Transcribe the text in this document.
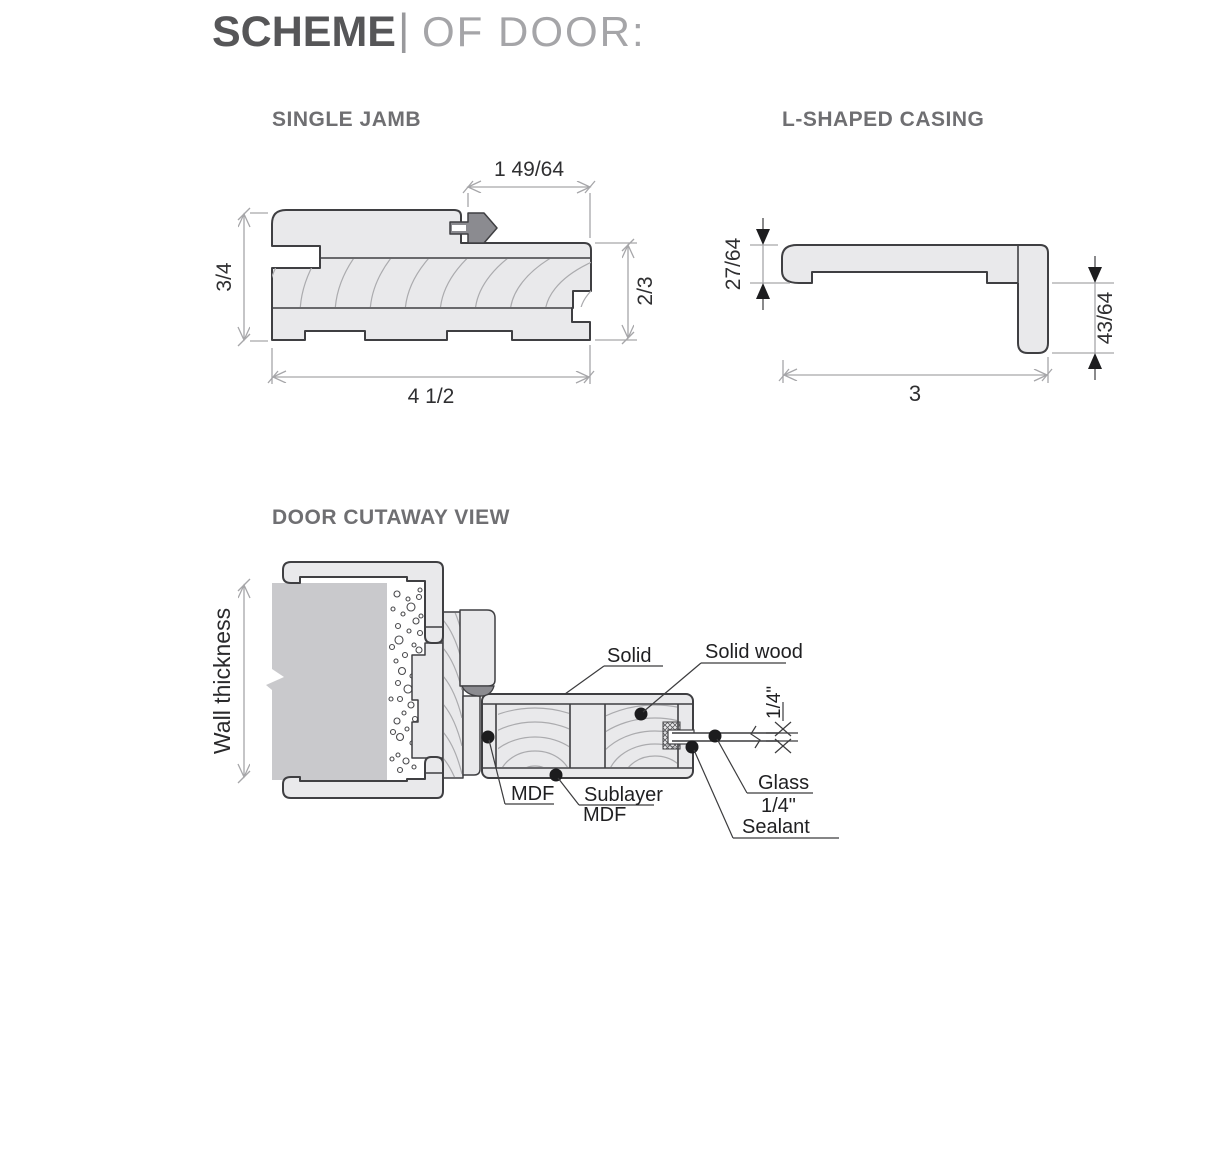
SCHEME | OF DOOR:
SINGLE JAMB
1 49/64
3/4	2/3
4 1/2
L-SHAPED CASING
27/64
43/64
3
DOOR CUTAWAY VIEW
Wall thickness	Solid	Solid wood
1/4"
Glass
1/4"
Sealant
MDF Sublayer
MDF
